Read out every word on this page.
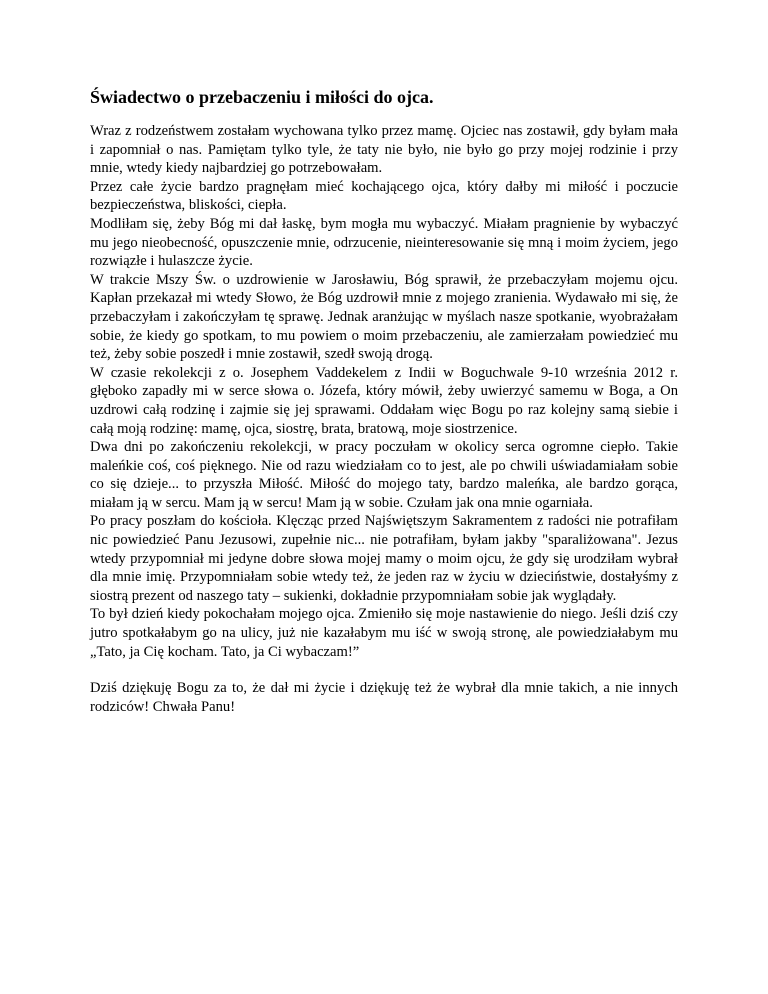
Świadectwo o przebaczeniu i miłości do ojca.

Wraz z rodzeństwem zostałam wychowana tylko przez mamę. Ojciec nas zostawił, gdy byłam mała i zapomniał o nas. Pamiętam tylko tyle, że taty nie było, nie było go przy mojej rodzinie i przy mnie, wtedy kiedy najbardziej go potrzebowałam.

Przez całe życie bardzo pragnęłam mieć kochającego ojca, który dałby mi miłość i poczucie bezpieczeństwa, bliskości, ciepła.

Modliłam się, żeby Bóg mi dał łaskę, bym mogła mu wybaczyć. Miałam pragnienie by wybaczyć mu jego nieobecność, opuszczenie mnie, odrzucenie, nieinteresowanie się mną i moim życiem, jego rozwiązłe i hulaszcze życie.

W trakcie Mszy Św. o uzdrowienie w Jarosławiu, Bóg sprawił, że przebaczyłam mojemu ojcu. Kapłan przekazał mi wtedy Słowo, że Bóg uzdrowił mnie z mojego zranienia. Wydawało mi się, że przebaczyłam i zakończyłam tę sprawę. Jednak aranżując w myślach nasze spotkanie, wyobrażałam sobie, że kiedy go spotkam, to mu powiem o moim przebaczeniu, ale zamierzałam powiedzieć mu też, żeby sobie poszedł i mnie zostawił, szedł swoją drogą.

W czasie rekolekcji z o. Josephem Vaddekelem z Indii w Boguchwale 9-10 września 2012 r. głęboko zapadły mi w serce słowa o. Józefa, który mówił, żeby uwierzyć samemu w Boga, a On uzdrowi całą rodzinę i zajmie się jej sprawami. Oddałam więc Bogu po raz kolejny samą siebie i całą moją rodzinę: mamę, ojca, siostrę, brata, bratową, moje siostrzenice.

Dwa dni po zakończeniu rekolekcji, w pracy poczułam w okolicy serca ogromne ciepło. Takie maleńkie coś, coś pięknego. Nie od razu wiedziałam co to jest, ale po chwili uświadamiałam sobie co się dzieje... to przyszła Miłość. Miłość do mojego taty, bardzo maleńka, ale bardzo gorąca, miałam ją w sercu. Mam ją w sercu! Mam ją w sobie. Czułam jak ona mnie ogarniała.

Po pracy poszłam do kościoła. Klęcząc przed Najświętszym Sakramentem z radości nie potrafiłam nic powiedzieć Panu Jezusowi, zupełnie nic... nie potrafiłam, byłam jakby "sparaliżowana". Jezus wtedy przypomniał mi jedyne dobre słowa mojej mamy o moim ojcu, że gdy się urodziłam wybrał dla mnie imię. Przypomniałam sobie wtedy też, że jeden raz w życiu w dzieciństwie, dostałyśmy z siostrą prezent od naszego taty – sukienki, dokładnie przypomniałam sobie jak wyglądały.

To był dzień kiedy pokochałam mojego ojca. Zmieniło się moje nastawienie do niego. Jeśli dziś czy jutro spotkałabym go na ulicy, już nie kazałabym mu iść w swoją stronę, ale powiedziałabym mu „Tato, ja Cię kocham. Tato, ja Ci wybaczam!”

Dziś dziękuję Bogu za to, że dał mi życie i dziękuję też że wybrał dla mnie takich, a nie innych rodziców! Chwała Panu!
